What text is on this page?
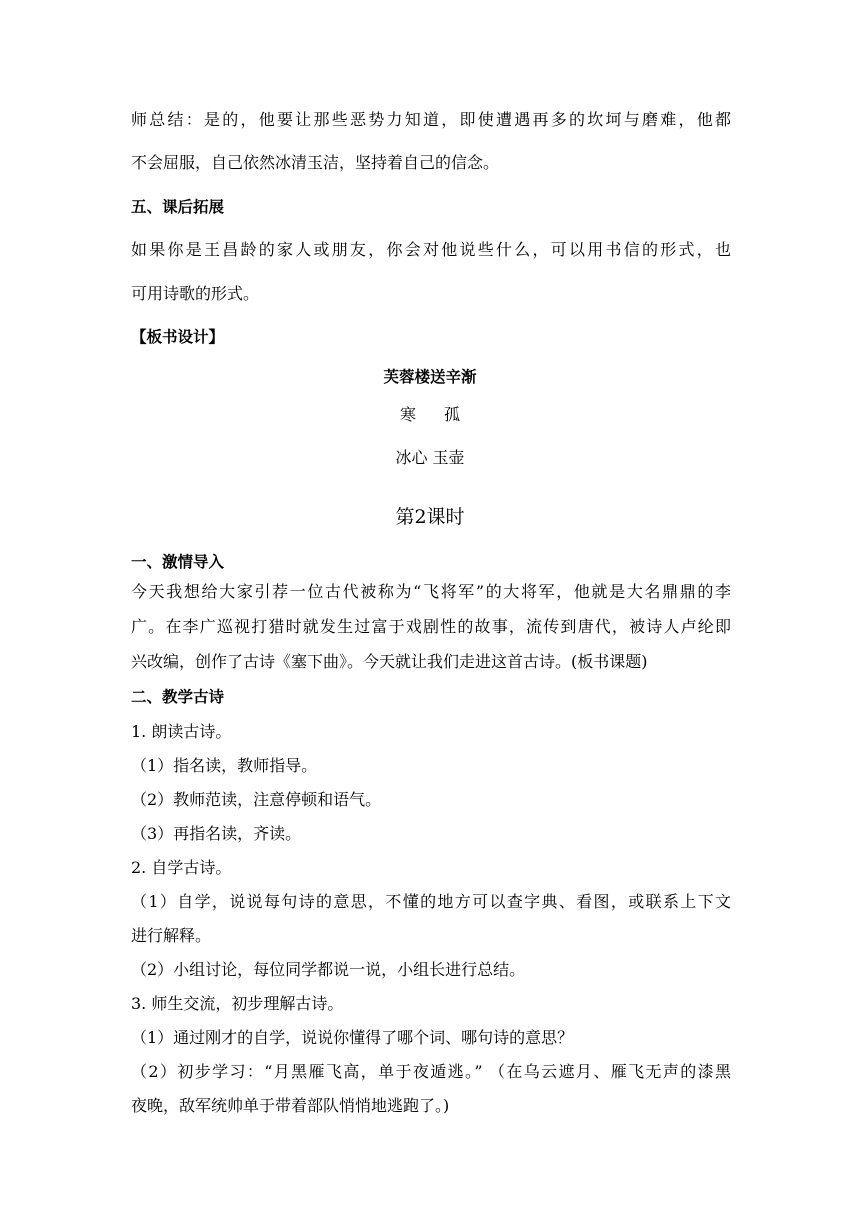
师总结：是的，他要让那些恶势力知道，即使遭遇再多的坎坷与磨难，他都
不会屈服，自己依然冰清玉洁，坚持着自己的信念。
五、课后拓展
如果你是王昌龄的家人或朋友，你会对他说些什么，可以用书信的形式，也
可用诗歌的形式。
【板书设计】
芙蓉楼送辛渐
寒 孤
冰心 玉壶
第2课时
一、激情导入
今天我想给大家引荐一位古代被称为“飞将军”的大将军，他就是大名鼎鼎的李
广。在李广巡视打猎时就发生过富于戏剧性的故事，流传到唐代，被诗人卢纶即
兴改编，创作了古诗《塞下曲》。今天就让我们走进这首古诗。(板书课题)
二、教学古诗
1. 朗读古诗。
（1）指名读，教师指导。
（2）教师范读，注意停顿和语气。
（3）再指名读，齐读。
2. 自学古诗。
（1）自学，说说每句诗的意思，不懂的地方可以查字典、看图，或联系上下文
进行解释。
（2）小组讨论，每位同学都说一说，小组长进行总结。
3. 师生交流，初步理解古诗。
（1）通过刚才的自学，说说你懂得了哪个词、哪句诗的意思？
（2）初步学习：“月黑雁飞高，单于夜遁逃。” （在乌云遮月、雁飞无声的漆黑
夜晚，敌军统帅单于带着部队悄悄地逃跑了。)
